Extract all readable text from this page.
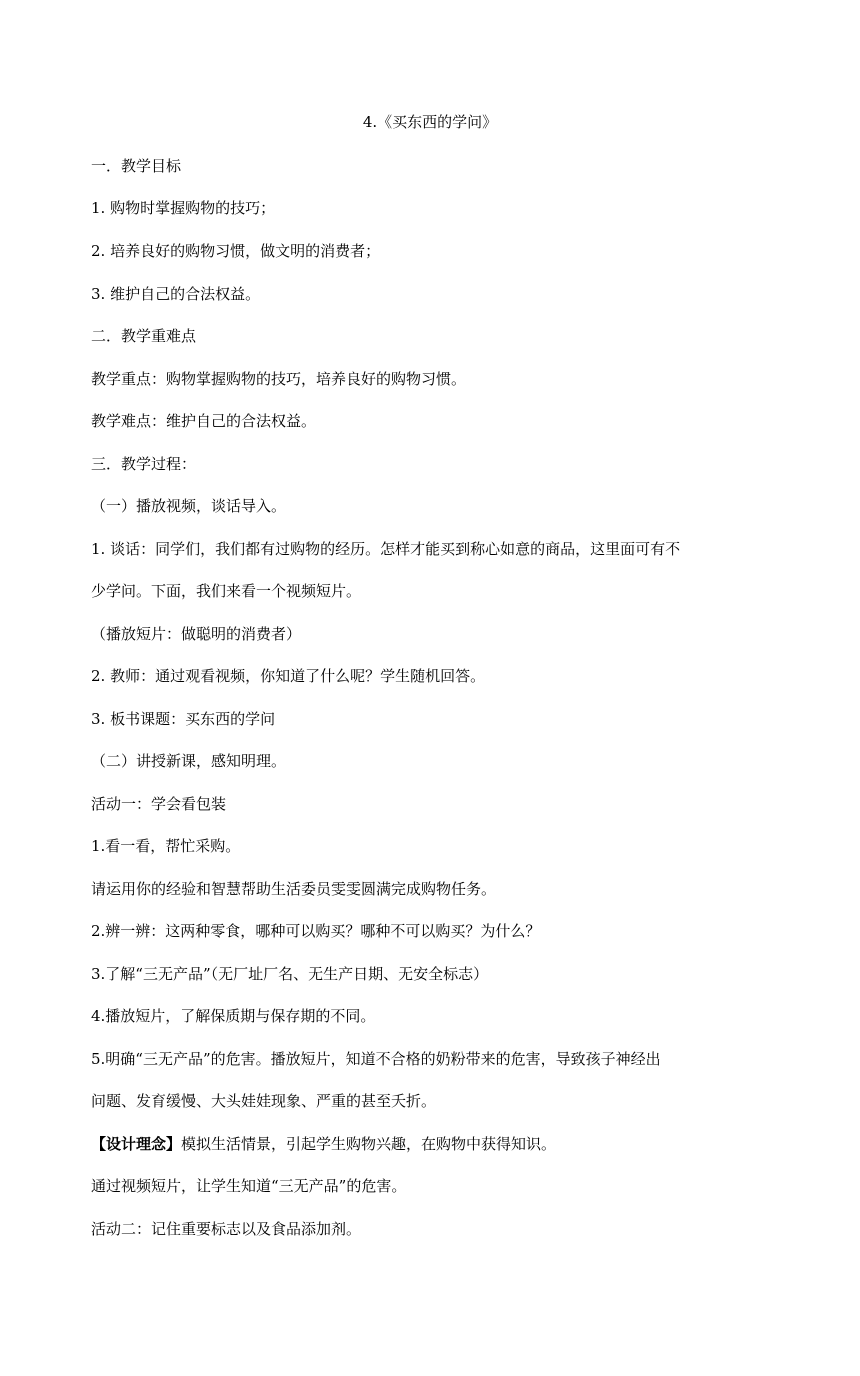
4.《买东西的学问》
一．教学目标
1. 购物时掌握购物的技巧；
2. 培养良好的购物习惯，做文明的消费者；
3. 维护自己的合法权益。
二．教学重难点
教学重点：购物掌握购物的技巧，培养良好的购物习惯。
教学难点：维护自己的合法权益。
三．教学过程：
（一）播放视频，谈话导入。
1. 谈话：同学们，我们都有过购物的经历。怎样才能买到称心如意的商品，这里面可有不
少学问。下面，我们来看一个视频短片。
（播放短片：做聪明的消费者）
2. 教师：通过观看视频，你知道了什么呢？学生随机回答。
3. 板书课题：买东西的学问
（二）讲授新课，感知明理。
活动一：学会看包装
1.看一看，帮忙采购。
请运用你的经验和智慧帮助生活委员雯雯圆满完成购物任务。
2.辨一辨：这两种零食，哪种可以购买？哪种不可以购买？为什么？
3.了解“三无产品”（无厂址厂名、无生产日期、无安全标志）
4.播放短片，了解保质期与保存期的不同。
5.明确“三无产品”的危害。播放短片，知道不合格的奶粉带来的危害，导致孩子神经出
问题、发育缓慢、大头娃娃现象、严重的甚至夭折。
【设计理念】模拟生活情景，引起学生购物兴趣，在购物中获得知识。
通过视频短片，让学生知道“三无产品”的危害。
活动二：记住重要标志以及食品添加剂。
